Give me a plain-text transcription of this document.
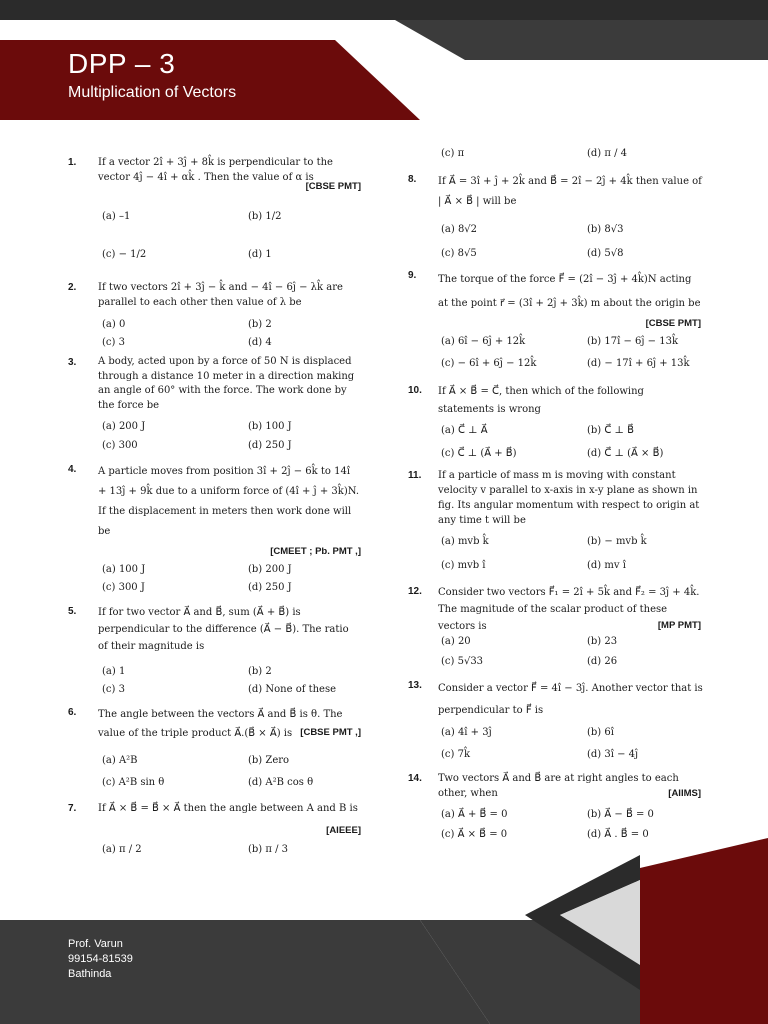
DPP – 3
Multiplication of Vectors
1. If a vector 2î + 3ĵ + 8k̂ is perpendicular to the vector 4ĵ − 4î + αk̂ . Then the value of α is
[CBSE PMT]
(a) –1	(b) 1/2
(c) − 1/2	(d) 1
2. If two vectors 2î + 3ĵ − k̂ and − 4î − 6ĵ − λk̂ are parallel to each other then value of λ be
(a) 0	(b) 2
(c) 3	(d) 4
3. A body, acted upon by a force of 50 N is displaced through a distance 10 meter in a direction making an angle of 60° with the force. The work done by the force be
(a) 200 J	(b) 100 J
(c) 300	(d) 250 J
4. A particle moves from position 3î + 2ĵ − 6k̂ to 14î + 13ĵ + 9k̂ due to a uniform force of (4î + ĵ + 3k̂)N. If the displacement in meters then work done will be
[CMEET ; Pb. PMT ,]
(a) 100 J	(b) 200 J
(c) 300 J	(d) 250 J
5. If for two vector A⃗ and B⃗, sum (A⃗ + B⃗) is perpendicular to the difference (A⃗ − B⃗). The ratio of their magnitude is
(a) 1	(b) 2
(c) 3	(d) None of these
6. The angle between the vectors A⃗ and B⃗ is θ. The value of the triple product A⃗.(B⃗ × A⃗) is [CBSE PMT ,]
(a) A²B	(b) Zero
(c) A²B sin θ	(d) A²B cos θ
7. If A⃗ × B⃗ = B⃗ × A⃗ then the angle between A and B is
[AIEEE]
(a) π / 2	(b) π / 3
(c) π	(d) π / 4
8. If A⃗ = 3î + ĵ + 2k̂ and B⃗ = 2î − 2ĵ + 4k̂ then value of | A⃗ × B⃗ | will be
(a) 8√2	(b) 8√3
(c) 8√5	(d) 5√8
9. The torque of the force F⃗ = (2î − 3ĵ + 4k̂)N acting at the point r⃗ = (3î + 2ĵ + 3k̂) m about the origin be
[CBSE PMT]
(a) 6î − 6ĵ + 12k̂	(b) 17î − 6ĵ − 13k̂
(c) − 6î + 6ĵ − 12k̂	(d) − 17î + 6ĵ + 13k̂
10. If A⃗ × B⃗ = C⃗, then which of the following statements is wrong
(a) C⃗ ⊥ A⃗	(b) C⃗ ⊥ B⃗
(c) C⃗ ⊥ (A⃗ + B⃗)	(d) C⃗ ⊥ (A⃗ × B⃗)
11. If a particle of mass m is moving with constant velocity v parallel to x-axis in x-y plane as shown in fig. Its angular momentum with respect to origin at any time t will be
(a) mvb k̂	(b) − mvb k̂
(c) mvb î	(d) mv î
12. Consider two vectors F⃗₁ = 2î + 5k̂ and F⃗₂ = 3ĵ + 4k̂. The magnitude of the scalar product of these vectors is	[MP PMT]
(a) 20	(b) 23
(c) 5√33	(d) 26
13. Consider a vector F⃗ = 4î − 3ĵ. Another vector that is perpendicular to F⃗ is
(a) 4î + 3ĵ	(b) 6î
(c) 7k̂	(d) 3î − 4ĵ
14. Two vectors A⃗ and B⃗ are at right angles to each other, when	[AIIMS]
(a) A⃗ + B⃗ = 0	(b) A⃗ − B⃗ = 0
(c) A⃗ × B⃗ = 0	(d) A⃗ . B⃗ = 0
Prof. Varun
99154-81539
Bathinda
